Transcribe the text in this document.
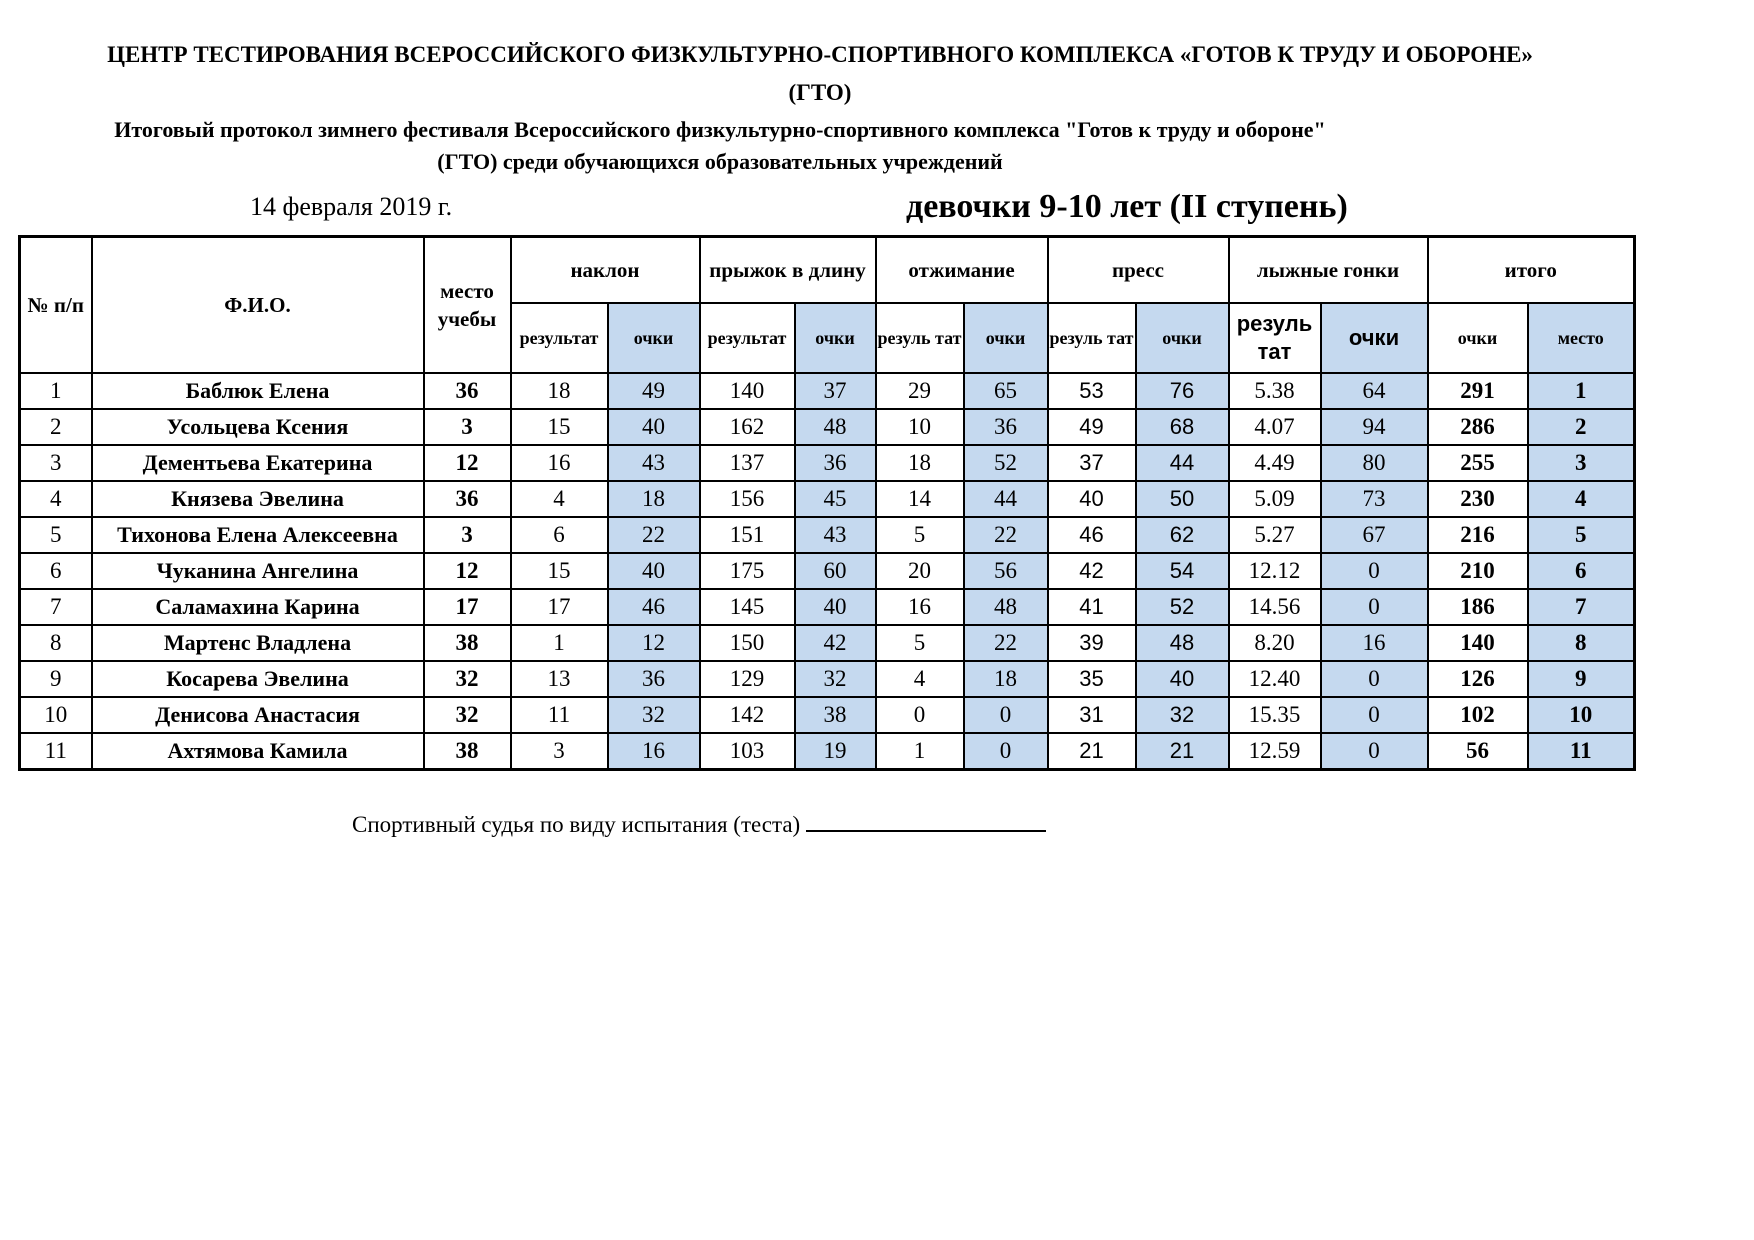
ЦЕНТР ТЕСТИРОВАНИЯ ВСЕРОССИЙСКОГО ФИЗКУЛЬТУРНО-СПОРТИВНОГО КОМПЛЕКСА «ГОТОВ К ТРУДУ И ОБОРОНЕ»
(ГТО)
Итоговый протокол зимнего фестиваля Всероссийского физкультурно-спортивного комплекса "Готов к труду и обороне"
(ГТО) среди обучающихся образовательных учреждений
14 февраля 2019 г.	девочки 9-10 лет (II ступень)
№ п/п	Ф.И.О.	место учебы	наклон		прыжок в длину		отжимание		пресс		лыжные гонки		итого	
			результат	очки	результат	очки	резуль тат	очки	резуль тат	очки	резуль тат	очки	очки	место
1	Баблюк Елена	36	18	49	140	37	29	65	53	76	5.38	64	291	1
2	Усольцева Ксения	3	15	40	162	48	10	36	49	68	4.07	94	286	2
3	Дементьева Екатерина	12	16	43	137	36	18	52	37	44	4.49	80	255	3
4	Князева Эвелина	36	4	18	156	45	14	44	40	50	5.09	73	230	4
5	Тихонова Елена Алексеевна	3	6	22	151	43	5	22	46	62	5.27	67	216	5
6	Чуканина Ангелина	12	15	40	175	60	20	56	42	54	12.12	0	210	6
7	Саламахина Карина	17	17	46	145	40	16	48	41	52	14.56	0	186	7
8	Мартенс Владлена	38	1	12	150	42	5	22	39	48	8.20	16	140	8
9	Косарева Эвелина	32	13	36	129	32	4	18	35	40	12.40	0	126	9
10	Денисова Анастасия	32	11	32	142	38	0	0	31	32	15.35	0	102	10
11	Ахтямова Камила	38	3	16	103	19	1	0	21	21	12.59	0	56	11
Спортивный судья по виду испытания (теста)
